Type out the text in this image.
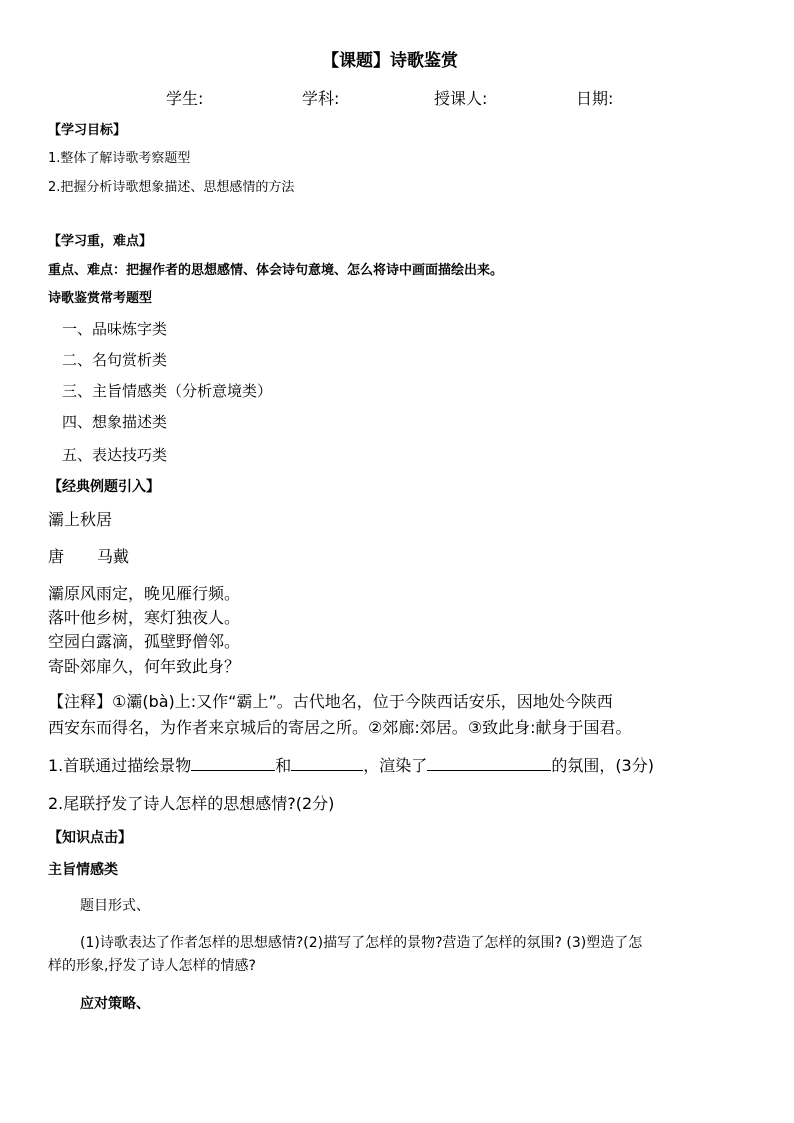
【课题】诗歌鉴赏
学生:	学科:	授课人:	日期:
【学习目标】
1.整体了解诗歌考察题型
2.把握分析诗歌想象描述、思想感情的方法
【学习重，难点】
重点、难点：把握作者的思想感情、体会诗句意境、怎么将诗中画面描绘出来。
诗歌鉴赏常考题型
一、品味炼字类
二、名句赏析类
三、主旨情感类（分析意境类）
四、想象描述类
五、表达技巧类
【经典例题引入】
灞上秋居
唐 马戴
灞原风雨定，晚见雁行频。
落叶他乡树，寒灯独夜人。
空园白露滴，孤壁野僧邻。
寄卧郊扉久，何年致此身？
【注释】①灞(bà)上:又作“霸上”。古代地名，位于今陕西话安乐，因地处今陕西
西安东而得名，为作者来京城后的寄居之所。②郊廊:郊居。③致此身:献身于国君。
1.首联通过描绘景物	和	，渲染了	的氛围，(3分)
2.尾联抒发了诗人怎样的思想感情?(2分)
【知识点击】
主旨情感类
题目形式、
(1)诗歌表达了作者怎样的思想感情?(2)描写了怎样的景物?营造了怎样的氛围? (3)塑造了怎
样的形象,抒发了诗人怎样的情感?
应对策略、
